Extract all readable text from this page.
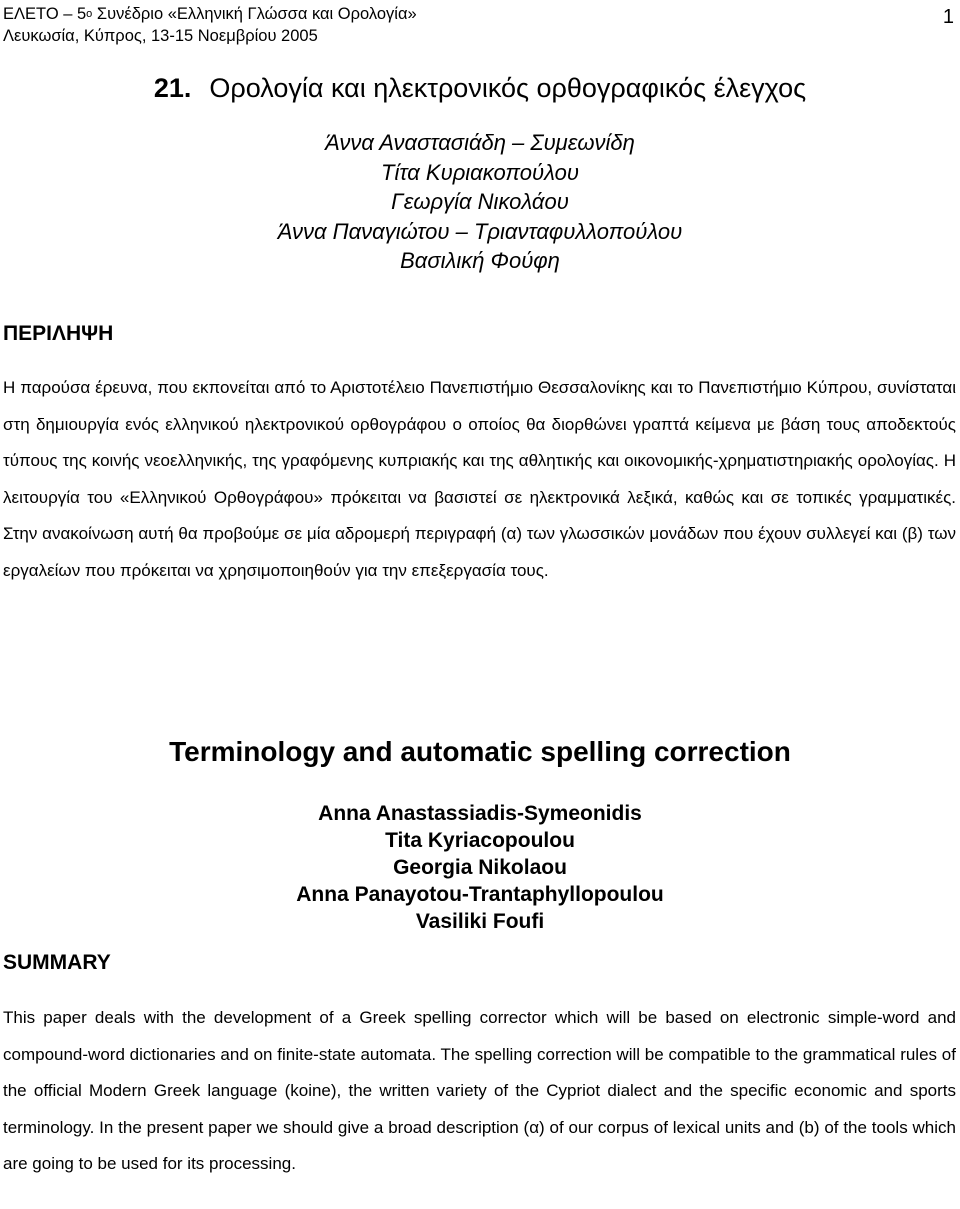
ΕΛΕΤΟ – $5^o$ Συνέδριο «Ελληνική Γλώσσα και Ορολογία»
Λευκωσία, Κύπρος, 13-15 Νοεμβρίου 2005
1
21. Ορολογία και ηλεκτρονικός ορθογραφικός έλεγχος
Άννα Αναστασιάδη – Συμεωνίδη
Τίτα Κυριακοπούλου
Γεωργία Νικολάου
Άννα Παναγιώτου – Τριανταφυλλοπούλου
Βασιλική Φούφη
ΠΕΡΙΛΗΨΗ
Η παρούσα έρευνα, που εκπονείται από το Αριστοτέλειο Πανεπιστήμιο Θεσσαλονίκης και το Πανεπιστήμιο Κύπρου, συνίσταται στη δημιουργία ενός ελληνικού ηλεκτρονικού ορθογράφου ο οποίος θα διορθώνει γραπτά κείμενα με βάση τους αποδεκτούς τύπους της κοινής νεοελληνικής, της γραφόμενης κυπριακής και της αθλητικής και οικονομικής-χρηματιστηριακής ορολογίας. Η λειτουργία του «Ελληνικού Ορθογράφου» πρόκειται να βασιστεί σε ηλεκτρονικά λεξικά, καθώς και σε τοπικές γραμματικές. Στην ανακοίνωση αυτή θα προβούμε σε μία αδρομερή περιγραφή (α) των γλωσσικών μονάδων που έχουν συλλεγεί και (β) των εργαλείων που πρόκειται να χρησιμοποιηθούν για την επεξεργασία τους.
Terminology and automatic spelling correction
Anna Anastassiadis-Symeonidis
Tita Kyriacopoulou
Georgia Nikolaou
Anna Panayotou-Trantaphyllopoulou
Vasiliki Foufi
SUMMARY
This paper deals with the development of a Greek spelling corrector which will be based on electronic simple-word and compound-word dictionaries and on finite-state automata. The spelling correction will be compatible to the grammatical rules of the official Modern Greek language (koine), the written variety of the Cypriot dialect and the specific economic and sports terminology. In the present paper we should give a broad description (α) of our corpus of lexical units and (b) of the tools which are going to be used for its processing.
